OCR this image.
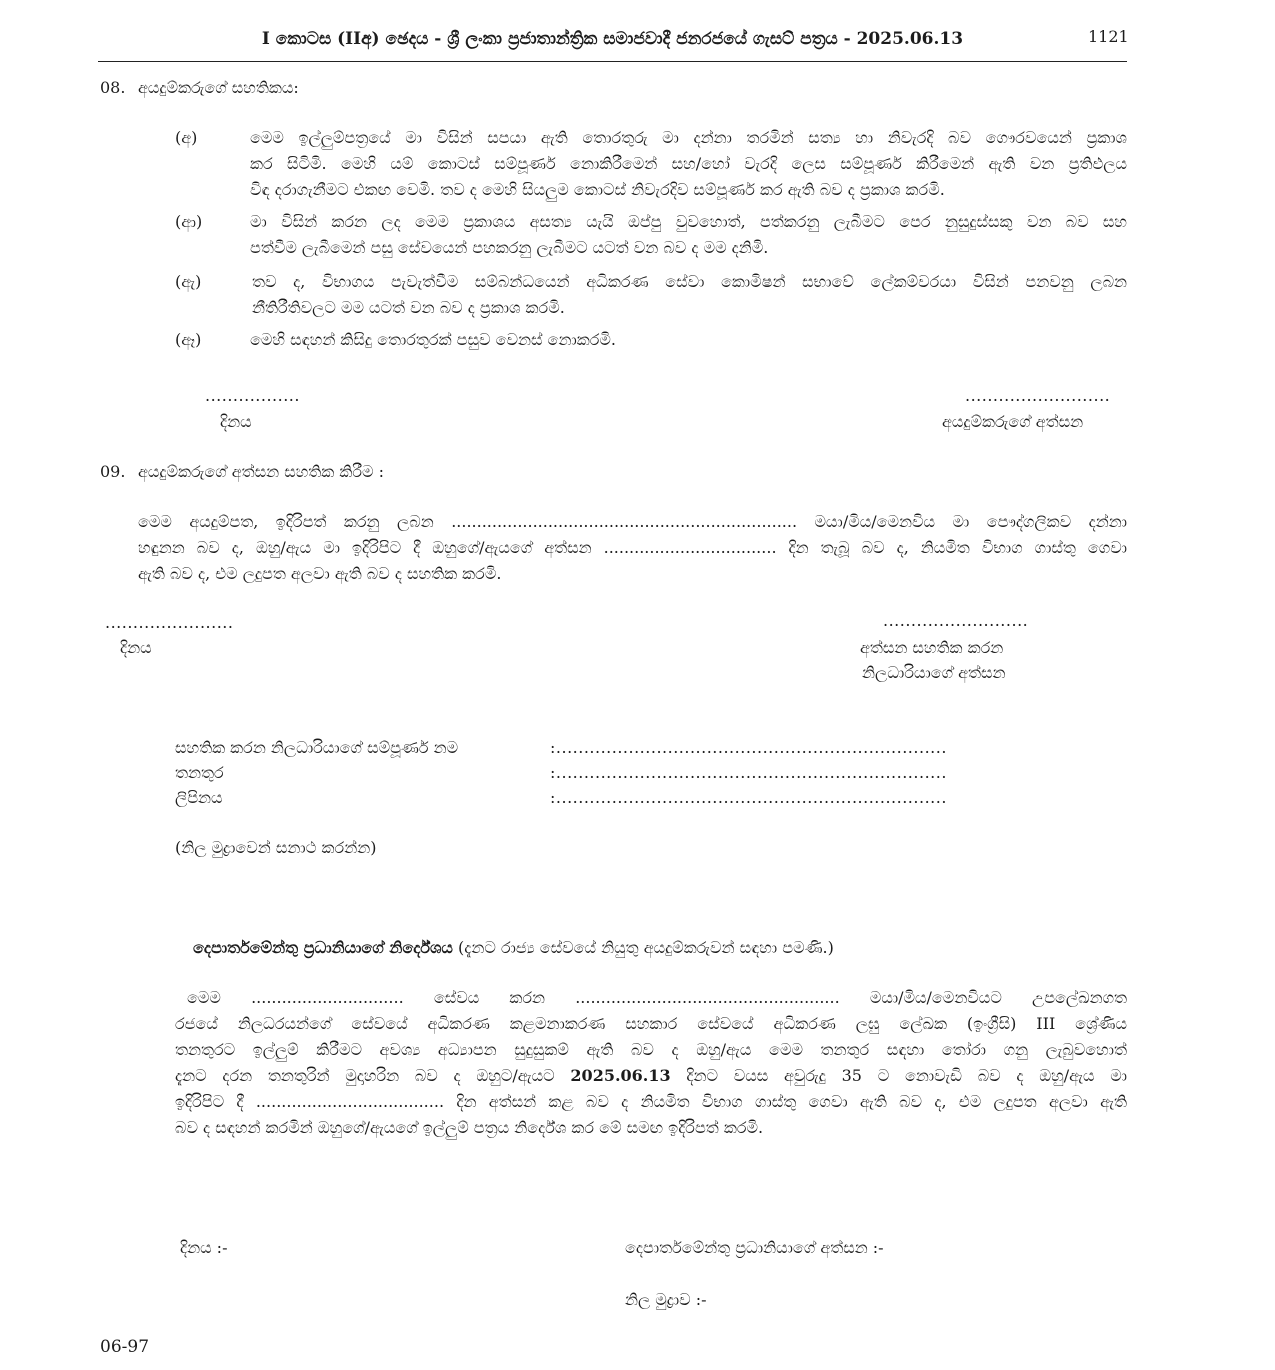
I කොටස (IIඅ) ඡෙදය - ශ්‍රී ලංකා ප්‍රජාතාන්ත්‍රික සමාජවාදී ජනරජයේ ගැසට් පත්‍රය - 2025.06.13	1121
08. අයදුම්කරුගේ සහතිකය:
(අ)	මෙම ඉල්ලුම්පත්‍රයේ මා විසින් සපයා ඇති තොරතුරු මා දන්නා තරමින් සත්‍ය හා නිවැරදි බව ගෞරවයෙන් ප්‍රකාශ
කර සිටිමි. මෙහි යම් කොටස් සම්පූර්ණ නොකිරීමෙන් සහ/හෝ වැරදි ලෙස සම්පූර්ණ කිරීමෙන් ඇති වන ප්‍රතිඵලය
විඳ දරාගැනීමට එකඟ වෙමි. තව ද මෙහි සියලුම කොටස් නිවැරදිව සම්පූර්ණ කර ඇති බව ද ප්‍රකාශ කරමි.
(ආ)	මා විසින් කරන ලද මෙම ප්‍රකාශය අසත්‍ය යැයි ඔප්පු වුවහොත්, පත්කරනු ලැබීමට පෙර නුසුදුස්සකු වන බව සහ
පත්වීම ලැබීමෙන් පසු සේවයෙන් පහකරනු ලැබීමට යටත් වන බව ද මම දනිමි.
(ඇ)	තව ද, විභාගය පැවැත්වීම සම්බන්ධයෙන් අධිකරණ සේවා කොමිෂන් සභාවේ ලේකම්වරයා විසින් පනවනු ලබන
නීතිරීතිවලට මම යටත් වන බව ද ප්‍රකාශ කරමි.
(ඈ)	මෙහි සඳහන් කිසිදු තොරතුරක් පසුව වෙනස් නොකරමි.
.................
දිනය
..........................
අයදුම්කරුගේ අත්සන
09. අයදුම්කරුගේ අත්සන සහතික කිරීම :
මෙම අයදුම්පත, ඉදිරිපත් කරනු ලබන .................................................................... මයා/මිය/මෙනවිය මා පෞද්ගලිකව දන්නා
හඳුනන බව ද, ඔහු/ඇය මා ඉදිරිපිට දී ඔහුගේ/ඇයගේ අත්සන .................................. දින තැබූ බව ද, නියමිත විභාග ගාස්තු ගෙවා
ඇති බව ද, එම ලදුපත අලවා ඇති බව ද සහතික කරමි.
.......................
දිනය
..........................
අත්සන සහතික කරන
නිලධාරියාගේ අත්සන
සහතික කරන නිලධාරියාගේ සම්පූර්ණ නම	:......................................................................
තනතුර	:......................................................................
ලිපිනය	:......................................................................
(නිල මුද්‍රාවෙන් සනාථ කරන්න)
දෙපාර්තමේන්තු ප්‍රධානියාගේ නිර්දේශය (දැනට රාජ්‍ය සේවයේ නියුතු අයදුම්කරුවන් සඳහා පමණි.)
මෙම .............................. සේවය කරන .................................................... මයා/මිය/මෙනවියට උපලේඛනගත
රජයේ නිලධරයන්ගේ සේවයේ අධිකරණ කළමනාකරණ සහකාර සේවයේ අධිකරණ ලඝු ලේඛක (ඉංග්‍රීසි) III ශ්‍රේණිය
තනතුරට ඉල්ලුම් කිරීමට අවශ්‍ය අධ්‍යාපන සුදුසුකම් ඇති බව ද ඔහු/ඇය මෙම තනතුර සඳහා තෝරා ගනු ලැබුවහොත්
දැනට දරන තනතුරින් මුදාහරින බව ද ඔහුට/ඇයට 2025.06.13 දිනට වයස අවුරුදු 35 ට නොවැඩි බව ද ඔහු/ඇය මා
ඉදිරිපිට දී ..................................... දින අත්සන් කළ බව ද නියමිත විභාග ගාස්තු ගෙවා ඇති බව ද, එම ලදුපත අලවා ඇති
බව ද සඳහන් කරමින් ඔහුගේ/ඇයගේ ඉල්ලුම් පත්‍රය නිර්දේශ කර මේ සමඟ ඉදිරිපත් කරමි.
දිනය :-	දෙපාර්තමේන්තු ප්‍රධානියාගේ අත්සන :-
නිල මුද්‍රාව :-
06-97
